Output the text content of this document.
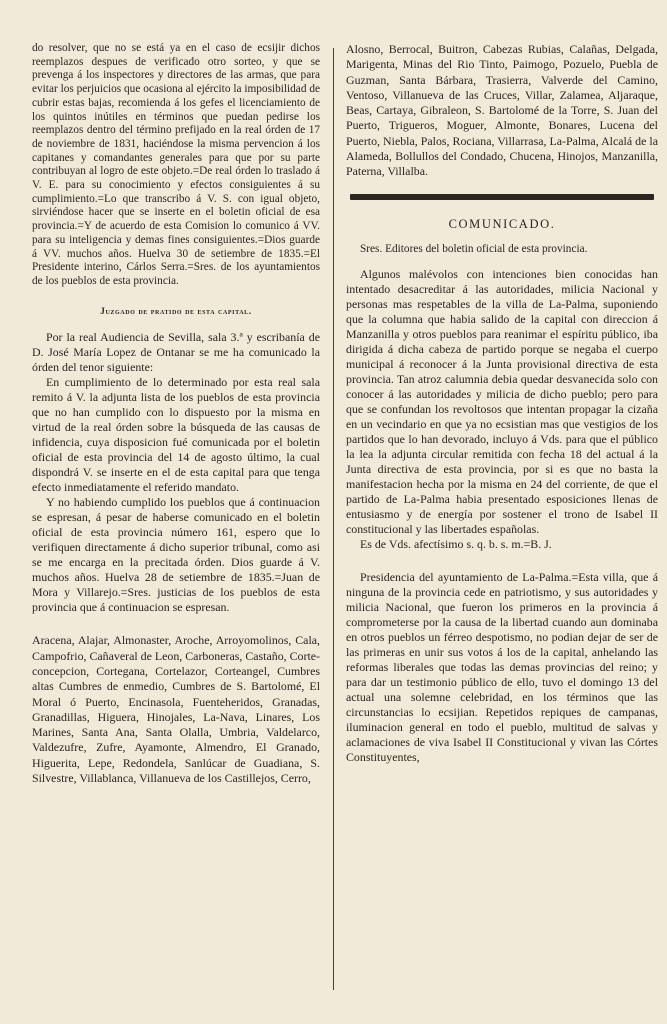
do resolver, que no se está ya en el caso de ecsijir dichos reemplazos despues de verificado otro sorteo, y que se prevenga á los inspectores y directores de las armas, que para evitar los perjuicios que ocasiona al ejército la imposibilidad de cubrir estas bajas, recomienda á los gefes el licenciamiento de los quintos inútiles en términos que puedan pedirse los reemplazos dentro del término prefijado en la real órden de 17 de noviembre de 1831, haciéndose la misma pervencion á los capitanes y comandantes generales para que por su parte contribuyan al logro de este objeto.=De real órden lo traslado á V. E. para su conocimiento y efectos consiguientes á su cumplimiento.=Lo que transcribo á V. S. con igual objeto, sirviéndose hacer que se inserte en el boletin oficial de esa provincia.=Y de acuerdo de esta Comision lo comunico á VV. para su inteligencia y demas fines consiguientes.=Dios guarde á VV. muchos años. Huelva 30 de setiembre de 1835.=El Presidente interino, Cárlos Serra.=Sres. de los ayuntamientos de los pueblos de esta provincia.

Juzgado de pratido de esta capital.

Por la real Audiencia de Sevilla, sala 3.ª y escribanía de D. José María Lopez de Ontanar se me ha comunicado la órden del tenor siguiente:

En cumplimiento de lo determinado por esta real sala remito á V. la adjunta lista de los pueblos de esta provincia que no han cumplido con lo dispuesto por la misma en virtud de la real órden sobre la búsqueda de las causas de infidencia, cuya disposicion fué comunicada por el boletin oficial de esta provincia del 14 de agosto último, la cual dispondrá V. se inserte en el de esta capital para que tenga efecto inmediatamente el referido mandato.

Y no habiendo cumplido los pueblos que á continuacion se espresan, á pesar de haberse comunicado en el boletin oficial de esta provincia número 161, espero que lo verifiquen directamente á dicho superior tribunal, como asi se me encarga en la precitada órden. Dios guarde á V. muchos años. Huelva 28 de setiembre de 1835.=Juan de Mora y Villarejo.=Sres. justicias de los pueblos de esta provincia que á continuacion se espresan.

Aracena, Alajar, Almonaster, Aroche, Arroyomolinos, Cala, Campofrio, Cañaveral de Leon, Carboneras, Castaño, Corte-concepcion, Cortegana, Cortelazor, Corteangel, Cumbres altas Cumbres de enmedio, Cumbres de S. Bartolomé, El Moral ó Puerto, Encinasola, Fuenteheridos, Granadas, Granadillas, Higuera, Hinojales, La-Nava, Linares, Los Marines, Santa Ana, Santa Olalla, Umbria, Valdelarco, Valdezufre, Zufre, Ayamonte, Almendro, El Granado, Higuerita, Lepe, Redondela, Sanlúcar de Guadiana, S. Silvestre, Villablanca, Villanueva de los Castillejos, Cerro,

Alosno, Berrocal, Buitron, Cabezas Rubias, Calañas, Delgada, Marigenta, Minas del Rio Tinto, Paimogo, Pozuelo, Puebla de Guzman, Santa Bárbara, Trasierra, Valverde del Camino, Ventoso, Villanueva de las Cruces, Villar, Zalamea, Aljaraque, Beas, Cartaya, Gibraleon, S. Bartolomé de la Torre, S. Juan del Puerto, Trigueros, Moguer, Almonte, Bonares, Lucena del Puerto, Niebla, Palos, Rociana, Villarrasa, La-Palma, Alcalá de la Alameda, Bollullos del Condado, Chucena, Hinojos, Manzanilla, Paterna, Villalba.

COMUNICADO.

Sres. Editores del boletin oficial de esta provincia.

Algunos malévolos con intenciones bien conocidas han intentado desacreditar á las autoridades, milicia Nacional y personas mas respetables de la villa de La-Palma, suponiendo que la columna que habia salido de la capital con direccion á Manzanilla y otros pueblos para reanimar el espíritu público, iba dirigida á dicha cabeza de partido porque se negaba el cuerpo municipal á reconocer á la Junta provisional directiva de esta provincia. Tan atroz calumnia debia quedar desvanecida solo con conocer á las autoridades y milicia de dicho pueblo; pero para que se confundan los revoltosos que intentan propagar la cizaña en un vecindario en que ya no ecsistian mas que vestigios de los partidos que lo han devorado, incluyo á Vds. para que el público la lea la adjunta circular remitida con fecha 18 del actual á la Junta directiva de esta provincia, por si es que no basta la manifestacion hecha por la misma en 24 del corriente, de que el partido de La-Palma habia presentado esposiciones llenas de entusiasmo y de energía por sostener el trono de Isabel II constitucional y las libertades españolas.

Es de Vds. afectísimo s. q. b. s. m.=B. J.

Presidencia del ayuntamiento de La-Palma.=Esta villa, que á ninguna de la provincia cede en patriotismo, y sus autoridades y milicia Nacional, que fueron los primeros en la provincia á comprometerse por la causa de la libertad cuando aun dominaba en otros pueblos un férreo despotismo, no podian dejar de ser de las primeras en unir sus votos á los de la capital, anhelando las reformas liberales que todas las demas provincias del reino; y para dar un testimonio público de ello, tuvo el domingo 13 del actual una solemne celebridad, en los términos que las circunstancias lo ecsijian. Repetidos repiques de campanas, iluminacion general en todo el pueblo, multitud de salvas y aclamaciones de viva Isabel II Constitucional y vivan las Córtes Constituyentes,
